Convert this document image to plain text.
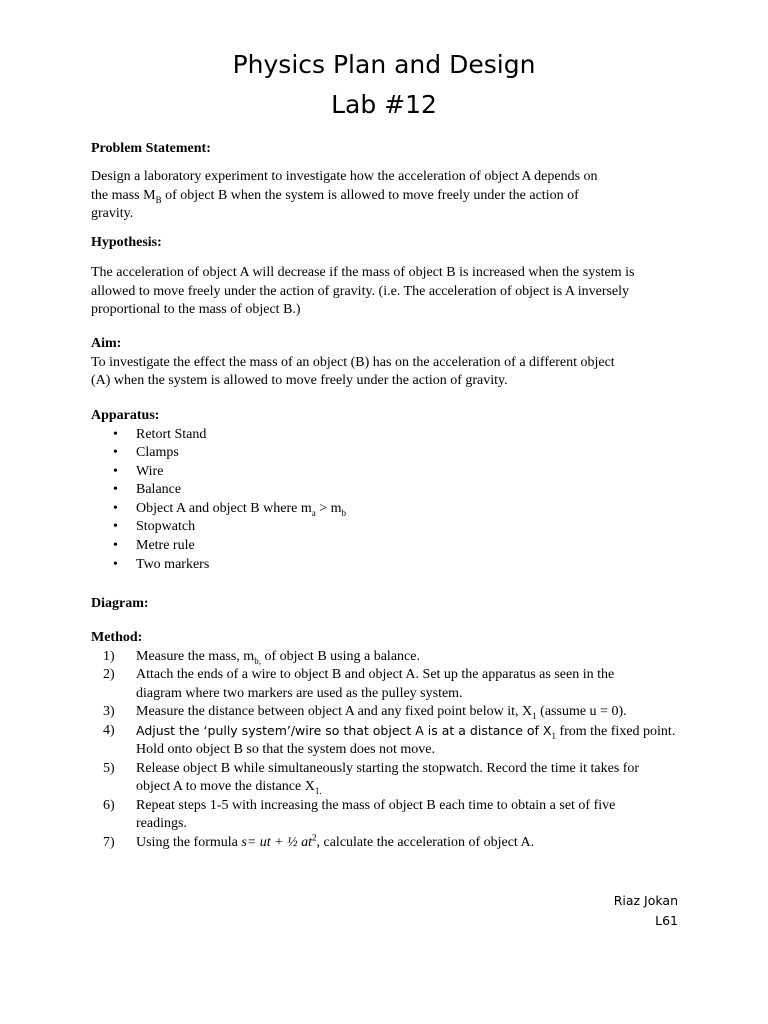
Physics Plan and Design
Lab #12

Problem Statement:

Design a laboratory experiment to investigate how the acceleration of object A depends on

the mass $M_B$ of object B when the system is allowed to move freely under the action of

gravity.

Hypothesis:

The acceleration of object A will decrease if the mass of object B is increased when the system is

allowed to move freely under the action of gravity. (i.e. The acceleration of object is A inversely

proportional to the mass of object B.)

Aim:

To investigate the effect the mass of an object (B) has on the acceleration of a different object

(A) when the system is allowed to move freely under the action of gravity.

Apparatus:

• Retort Stand
• Clamps
• Wire
• Balance
• Object A and object B where $m_a > m_b$
• Stopwatch
• Metre rule
• Two markers

Diagram:

Method:

1) Measure the mass, $m_{b,}$ of object B using a balance.
2) Attach the ends of a wire to object B and object A. Set up the apparatus as seen in the
diagram where two markers are used as the pulley system.
3) Measure the distance between object A and any fixed point below it, $X_1$ (assume u = 0).
4) Adjust the ‘pully system’/wire so that object A is at a distance of $X_1$ from the fixed point.
Hold onto object B so that the system does not move.
5) Release object B while simultaneously starting the stopwatch. Record the time it takes for
object A to move the distance $X_{1.}$
6) Repeat steps 1-5 with increasing the mass of object B each time to obtain a set of five
readings.
7) Using the formula s= ut + ½ $at^2$, calculate the acceleration of object A.
Riaz Jokan
L61
